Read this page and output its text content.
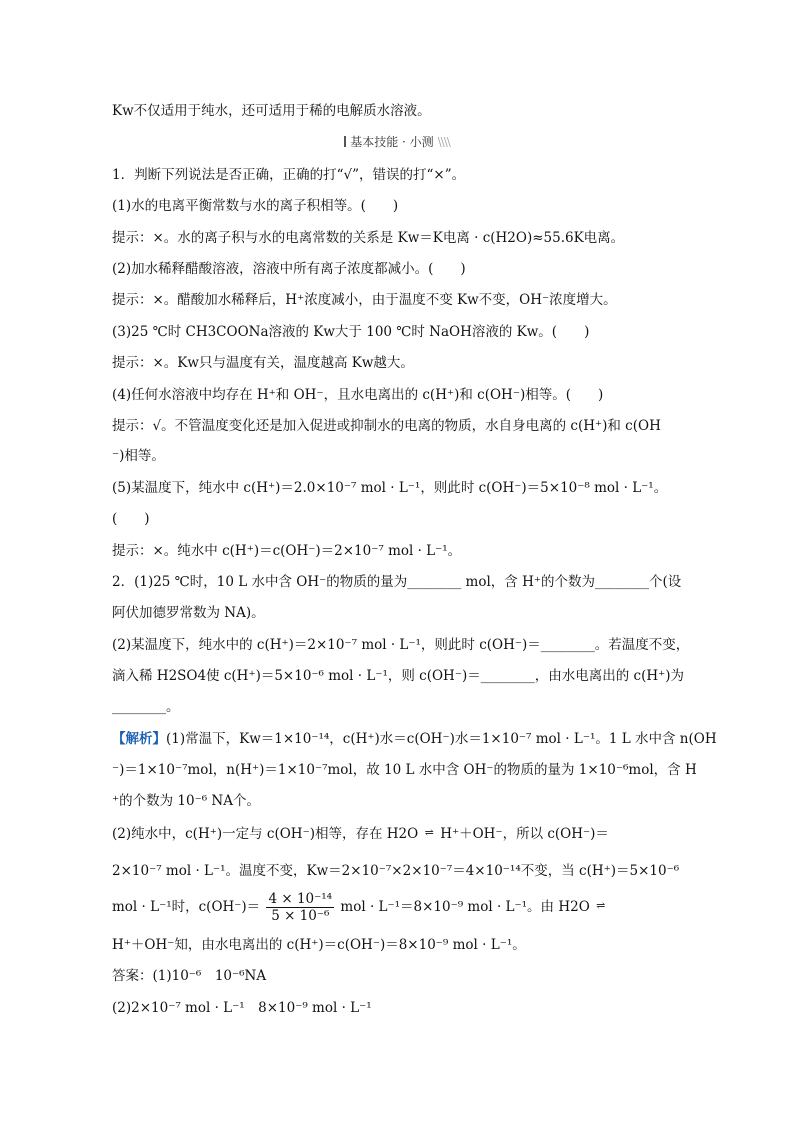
Kw不仅适用于纯水，还可适用于稀的电解质水溶液。
基本技能 · 小测 \\\\
1．判断下列说法是否正确，正确的打“√”，错误的打“×”。
(1)水的电离平衡常数与水的离子积相等。(　　)
提示：×。水的离子积与水的电离常数的关系是 Kw＝K电离 · c(H2O)≈55.6K电离。
(2)加水稀释醋酸溶液，溶液中所有离子浓度都减小。(　　)
提示：×。醋酸加水稀释后，H⁺浓度减小，由于温度不变 Kw不变，OH⁻浓度增大。
(3)25 ℃时 CH3COONa溶液的 Kw大于 100 ℃时 NaOH溶液的 Kw。(　　)
提示：×。Kw只与温度有关，温度越高 Kw越大。
(4)任何水溶液中均存在 H⁺和 OH⁻，且水电离出的 c(H⁺)和 c(OH⁻)相等。(　　)
提示：√。不管温度变化还是加入促进或抑制水的电离的物质，水自身电离的 c(H⁺)和 c(OH
⁻)相等。
(5)某温度下，纯水中 c(H⁺)＝2.0×10⁻⁷ mol · L⁻¹，则此时 c(OH⁻)＝5×10⁻⁸ mol · L⁻¹。
(　　)
提示：×。纯水中 c(H⁺)＝c(OH⁻)＝2×10⁻⁷ mol · L⁻¹。
2．(1)25 ℃时，10 L 水中含 OH⁻的物质的量为________ mol，含 H⁺的个数为________个(设
阿伏加德罗常数为 NA)。
(2)某温度下，纯水中的 c(H⁺)＝2×10⁻⁷ mol · L⁻¹，则此时 c(OH⁻)＝________。若温度不变，
滴入稀 H2SO4使 c(H⁺)＝5×10⁻⁶ mol · L⁻¹，则 c(OH⁻)＝________，由水电离出的 c(H⁺)为
________。
【解析】(1)常温下，Kw＝1×10⁻¹⁴，c(H⁺)水＝c(OH⁻)水＝1×10⁻⁷ mol · L⁻¹。1 L 水中含 n(OH
⁻)＝1×10⁻⁷mol，n(H⁺)＝1×10⁻⁷mol，故 10 L 水中含 OH⁻的物质的量为 1×10⁻⁶mol，含 H
⁺的个数为 10⁻⁶ NA个。
(2)纯水中，c(H⁺)一定与 c(OH⁻)相等，存在 H2O ⇌ H⁺＋OH⁻，所以 c(OH⁻)＝
2×10⁻⁷ mol · L⁻¹。温度不变，Kw＝2×10⁻⁷×2×10⁻⁷＝4×10⁻¹⁴不变，当 c(H⁺)＝5×10⁻⁶
mol · L⁻¹时，$c(OH^-)= \frac{\text{4 × 10⁻¹⁴}}{\text{5 × 10⁻⁶}}$ mol · L⁻¹＝8×10⁻⁹ mol · L⁻¹。由 H2O ⇌
H⁺＋OH⁻知，由水电离出的 c(H⁺)＝c(OH⁻)＝8×10⁻⁹ mol · L⁻¹。
答案：(1)10⁻⁶　10⁻⁶NA
(2)2×10⁻⁷ mol · L⁻¹　8×10⁻⁹ mol · L⁻¹
